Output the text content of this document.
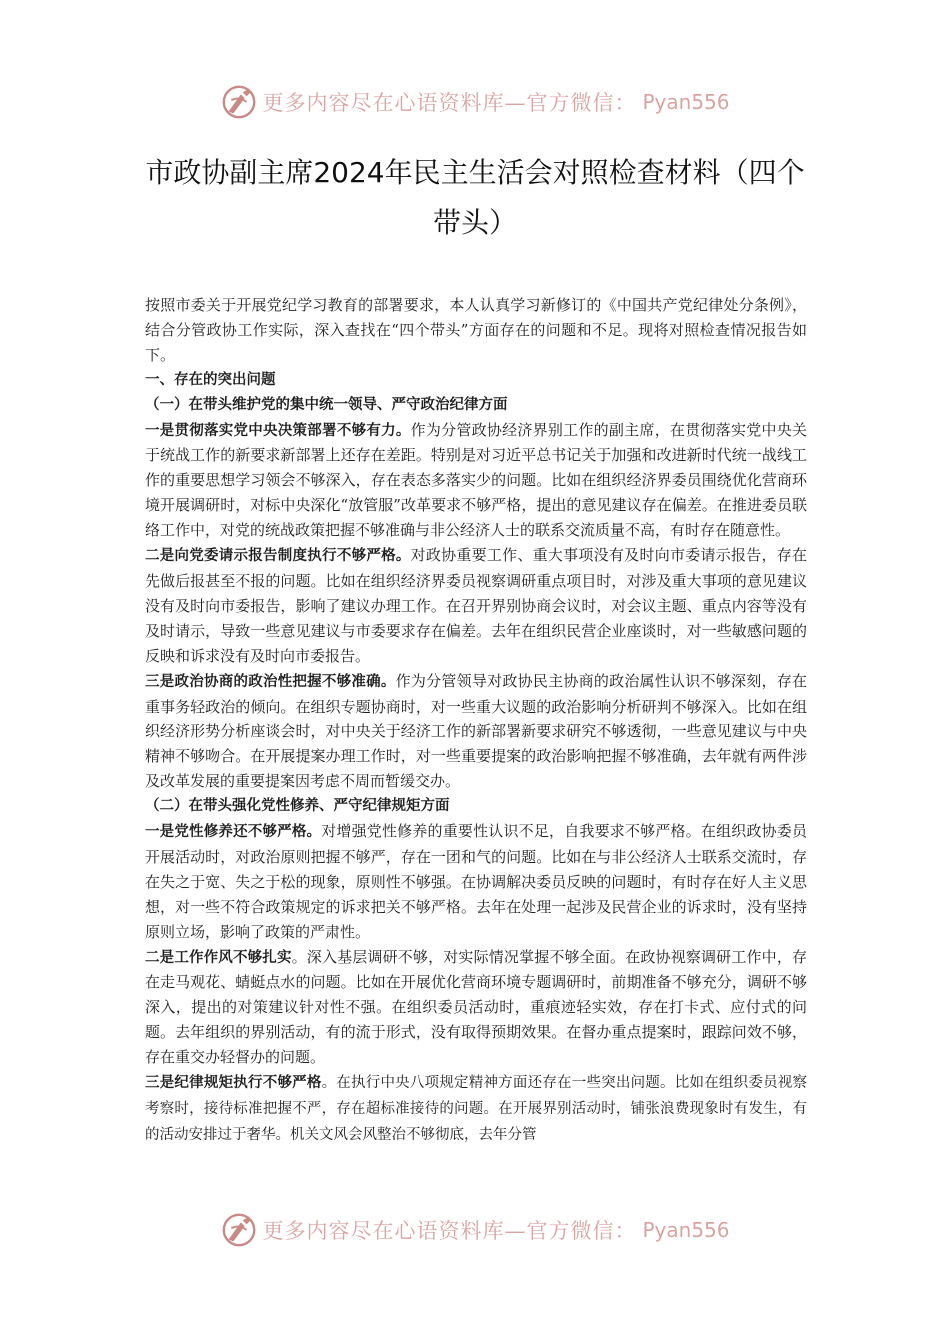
更多内容尽在心语资料库—官方微信： Pyan556
市政协副主席2024年民主生活会对照检查材料（四个带头）

按照市委关于开展党纪学习教育的部署要求，本人认真学习新修订的《中国共产党纪律处分条例》，结合分管政协工作实际，深入查找在“四个带头”方面存在的问题和不足。现将对照检查情况报告如下。

一、存在的突出问题

（一）在带头维护党的集中统一领导、严守政治纪律方面

一是贯彻落实党中央决策部署不够有力。作为分管政协经济界别工作的副主席，在贯彻落实党中央关于统战工作的新要求新部署上还存在差距。特别是对习近平总书记关于加强和改进新时代统一战线工作的重要思想学习领会不够深入，存在表态多落实少的问题。比如在组织经济界委员围绕优化营商环境开展调研时，对标中央深化“放管服”改革要求不够严格，提出的意见建议存在偏差。在推进委员联络工作中，对党的统战政策把握不够准确与非公经济人士的联系交流质量不高，有时存在随意性。

二是向党委请示报告制度执行不够严格。对政协重要工作、重大事项没有及时向市委请示报告，存在先做后报甚至不报的问题。比如在组织经济界委员视察调研重点项目时，对涉及重大事项的意见建议没有及时向市委报告，影响了建议办理工作。在召开界别协商会议时，对会议主题、重点内容等没有及时请示，导致一些意见建议与市委要求存在偏差。去年在组织民营企业座谈时，对一些敏感问题的反映和诉求没有及时向市委报告。

三是政治协商的政治性把握不够准确。作为分管领导对政协民主协商的政治属性认识不够深刻，存在重事务轻政治的倾向。在组织专题协商时，对一些重大议题的政治影响分析研判不够深入。比如在组织经济形势分析座谈会时，对中央关于经济工作的新部署新要求研究不够透彻，一些意见建议与中央精神不够吻合。在开展提案办理工作时，对一些重要提案的政治影响把握不够准确，去年就有两件涉及改革发展的重要提案因考虑不周而暂缓交办。

（二）在带头强化党性修养、严守纪律规矩方面

一是党性修养还不够严格。对增强党性修养的重要性认识不足，自我要求不够严格。在组织政协委员开展活动时，对政治原则把握不够严，存在一团和气的问题。比如在与非公经济人士联系交流时，存在失之于宽、失之于松的现象，原则性不够强。在协调解决委员反映的问题时，有时存在好人主义思想，对一些不符合政策规定的诉求把关不够严格。去年在处理一起涉及民营企业的诉求时，没有坚持原则立场，影响了政策的严肃性。

二是工作作风不够扎实。深入基层调研不够，对实际情况掌握不够全面。在政协视察调研工作中，存在走马观花、蜻蜓点水的问题。比如在开展优化营商环境专题调研时，前期准备不够充分，调研不够深入，提出的对策建议针对性不强。在组织委员活动时，重痕迹轻实效，存在打卡式、应付式的问题。去年组织的界别活动，有的流于形式，没有取得预期效果。在督办重点提案时，跟踪问效不够，存在重交办轻督办的问题。

三是纪律规矩执行不够严格。在执行中央八项规定精神方面还存在一些突出问题。比如在组织委员视察考察时，接待标准把握不严，存在超标准接待的问题。在开展界别活动时，铺张浪费现象时有发生，有的活动安排过于奢华。机关文风会风整治不够彻底，去年分管

更多内容尽在心语资料库—官方微信： Pyan556
